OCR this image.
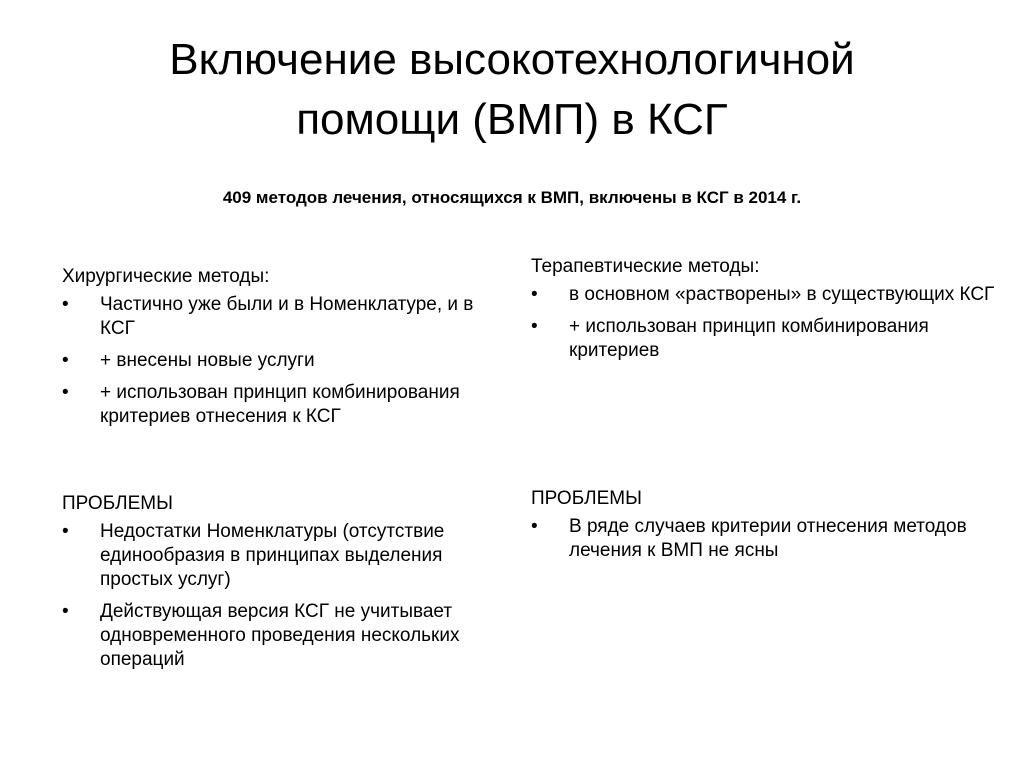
Включение высокотехнологичной
помощи (ВМП) в КСГ
409 методов лечения, относящихся к ВМП, включены в КСГ в 2014 г.
Хирургические методы:
• Частично уже были и в Номенклатуре, и в КСГ
• + внесены новые услуги
• + использован принцип комбинирования критериев отнесения к КСГ
ПРОБЛЕМЫ
• Недостатки Номенклатуры (отсутствие единообразия в принципах выделения простых услуг)
• Действующая версия КСГ не учитывает одновременного проведения нескольких операций
Терапевтические методы:
• в основном «растворены» в существующих КСГ
• + использован принцип комбинирования критериев
ПРОБЛЕМЫ
• В ряде случаев критерии отнесения методов лечения к ВМП не ясны
